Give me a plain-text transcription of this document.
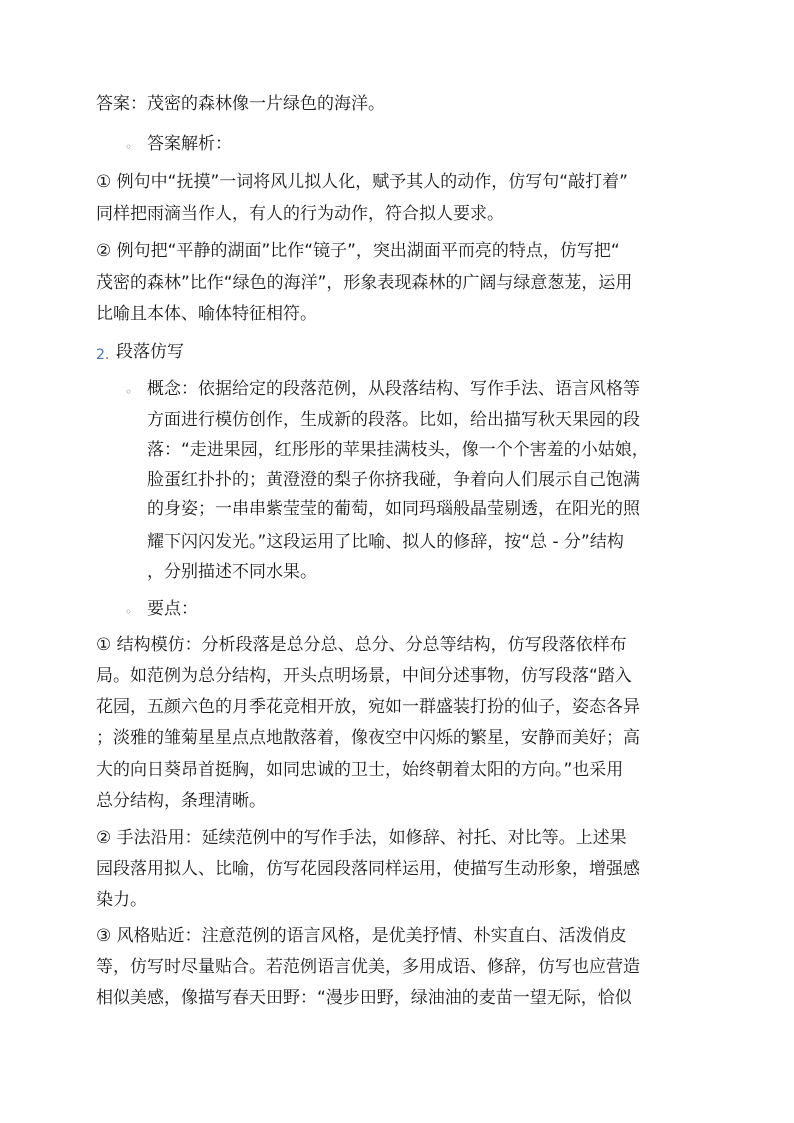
答案：茂密的森林像一片绿色的海洋。
◦ 答案解析：
① 例句中“抚摸”一词将风儿拟人化，赋予其人的动作，仿写句“敲打着”
同样把雨滴当作人，有人的行为动作，符合拟人要求。
② 例句把“平静的湖面”比作“镜子”，突出湖面平而亮的特点，仿写把“
茂密的森林”比作“绿色的海洋”，形象表现森林的广阔与绿意葱茏，运用
比喻且本体、喻体特征相符。
2. 段落仿写
◦ 概念：依据给定的段落范例，从段落结构、写作手法、语言风格等
方面进行模仿创作，生成新的段落。比如，给出描写秋天果园的段
落：“走进果园，红彤彤的苹果挂满枝头，像一个个害羞的小姑娘，
脸蛋红扑扑的；黄澄澄的梨子你挤我碰，争着向人们展示自己饱满
的身姿；一串串紫莹莹的葡萄，如同玛瑙般晶莹剔透，在阳光的照
耀下闪闪发光。”这段运用了比喻、拟人的修辞，按“总 - 分”结构
，分别描述不同水果。
◦ 要点：
① 结构模仿：分析段落是总分总、总分、分总等结构，仿写段落依样布
局。如范例为总分结构，开头点明场景，中间分述事物，仿写段落“踏入
花园，五颜六色的月季花竞相开放，宛如一群盛装打扮的仙子，姿态各异
；淡雅的雏菊星星点点地散落着，像夜空中闪烁的繁星，安静而美好；高
大的向日葵昂首挺胸，如同忠诚的卫士，始终朝着太阳的方向。”也采用
总分结构，条理清晰。
② 手法沿用：延续范例中的写作手法，如修辞、衬托、对比等。上述果
园段落用拟人、比喻，仿写花园段落同样运用，使描写生动形象，增强感
染力。
③ 风格贴近：注意范例的语言风格，是优美抒情、朴实直白、活泼俏皮
等，仿写时尽量贴合。若范例语言优美，多用成语、修辞，仿写也应营造
相似美感，像描写春天田野：“漫步田野，绿油油的麦苗一望无际，恰似
